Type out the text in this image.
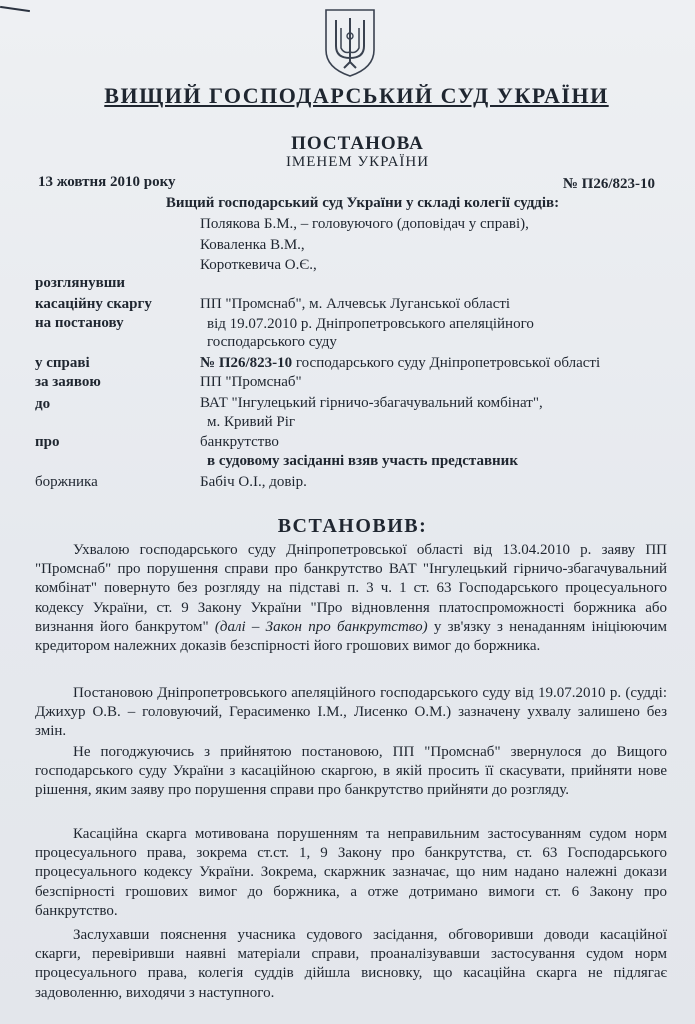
ВИЩИЙ ГОСПОДАРСЬКИЙ СУД УКРАЇНИ
ПОСТАНОВА
ІМЕНЕМ УКРАЇНИ
13 жовтня 2010 року	№ П26/823-10
Вищий господарський суд України у складі колегії суддів:
Полякова Б.М., – головуючого (доповідач у справі),
Коваленка В.М.,
Короткевича О.Є.,
розглянувши
касаційну скаргу	ПП "Промснаб", м. Алчевськ Луганської області
на постанову	від 19.07.2010 р. Дніпропетровського апеляційного
господарського суду
у справі	№ П26/823-10 господарського суду Дніпропетровської області
за заявою	ПП "Промснаб"
до	ВАТ "Інгулецький гірничо-збагачувальний комбінат",
м. Кривий Ріг
про	банкрутство
в судовому засіданні взяв участь представник
боржника	Бабіч О.І., довір.
ВСТАНОВИВ:

Ухвалою господарського суду Дніпропетровської області від 13.04.2010 р. заяву ПП "Промснаб" про порушення справи про банкрутство ВАТ "Інгулецький гірничо-збагачувальний комбінат" повернуто без розгляду на підставі п. 3 ч. 1 ст. 63 Господарського процесуального кодексу України, ст. 9 Закону України "Про відновлення платоспроможності боржника або визнання його банкрутом" (далі – Закон про банкрутство) у зв'язку з ненаданням ініціюючим кредитором належних доказів безспірності його грошових вимог до боржника.

Постановою Дніпропетровського апеляційного господарського суду від 19.07.2010 р. (судді: Джихур О.В. – головуючий, Герасименко І.М., Лисенко О.М.) зазначену ухвалу залишено без змін.

Не погоджуючись з прийнятою постановою, ПП "Промснаб" звернулося до Вищого господарського суду України з касаційною скаргою, в якій просить її скасувати, прийняти нове рішення, яким заяву про порушення справи про банкрутство прийняти до розгляду.

Касаційна скарга мотивована порушенням та неправильним застосуванням судом норм процесуального права, зокрема ст.ст. 1, 9 Закону про банкрутства, ст. 63 Господарського процесуального кодексу України. Зокрема, скаржник зазначає, що ним надано належні докази безспірності грошових вимог до боржника, а отже дотримано вимоги ст. 6 Закону про банкрутство.

Заслухавши пояснення учасника судового засідання, обговоривши доводи касаційної скарги, перевіривши наявні матеріали справи, проаналізувавши застосування судом норм процесуального права, колегія суддів дійшла висновку, що касаційна скарга не підлягає задоволенню, виходячи з наступного.
